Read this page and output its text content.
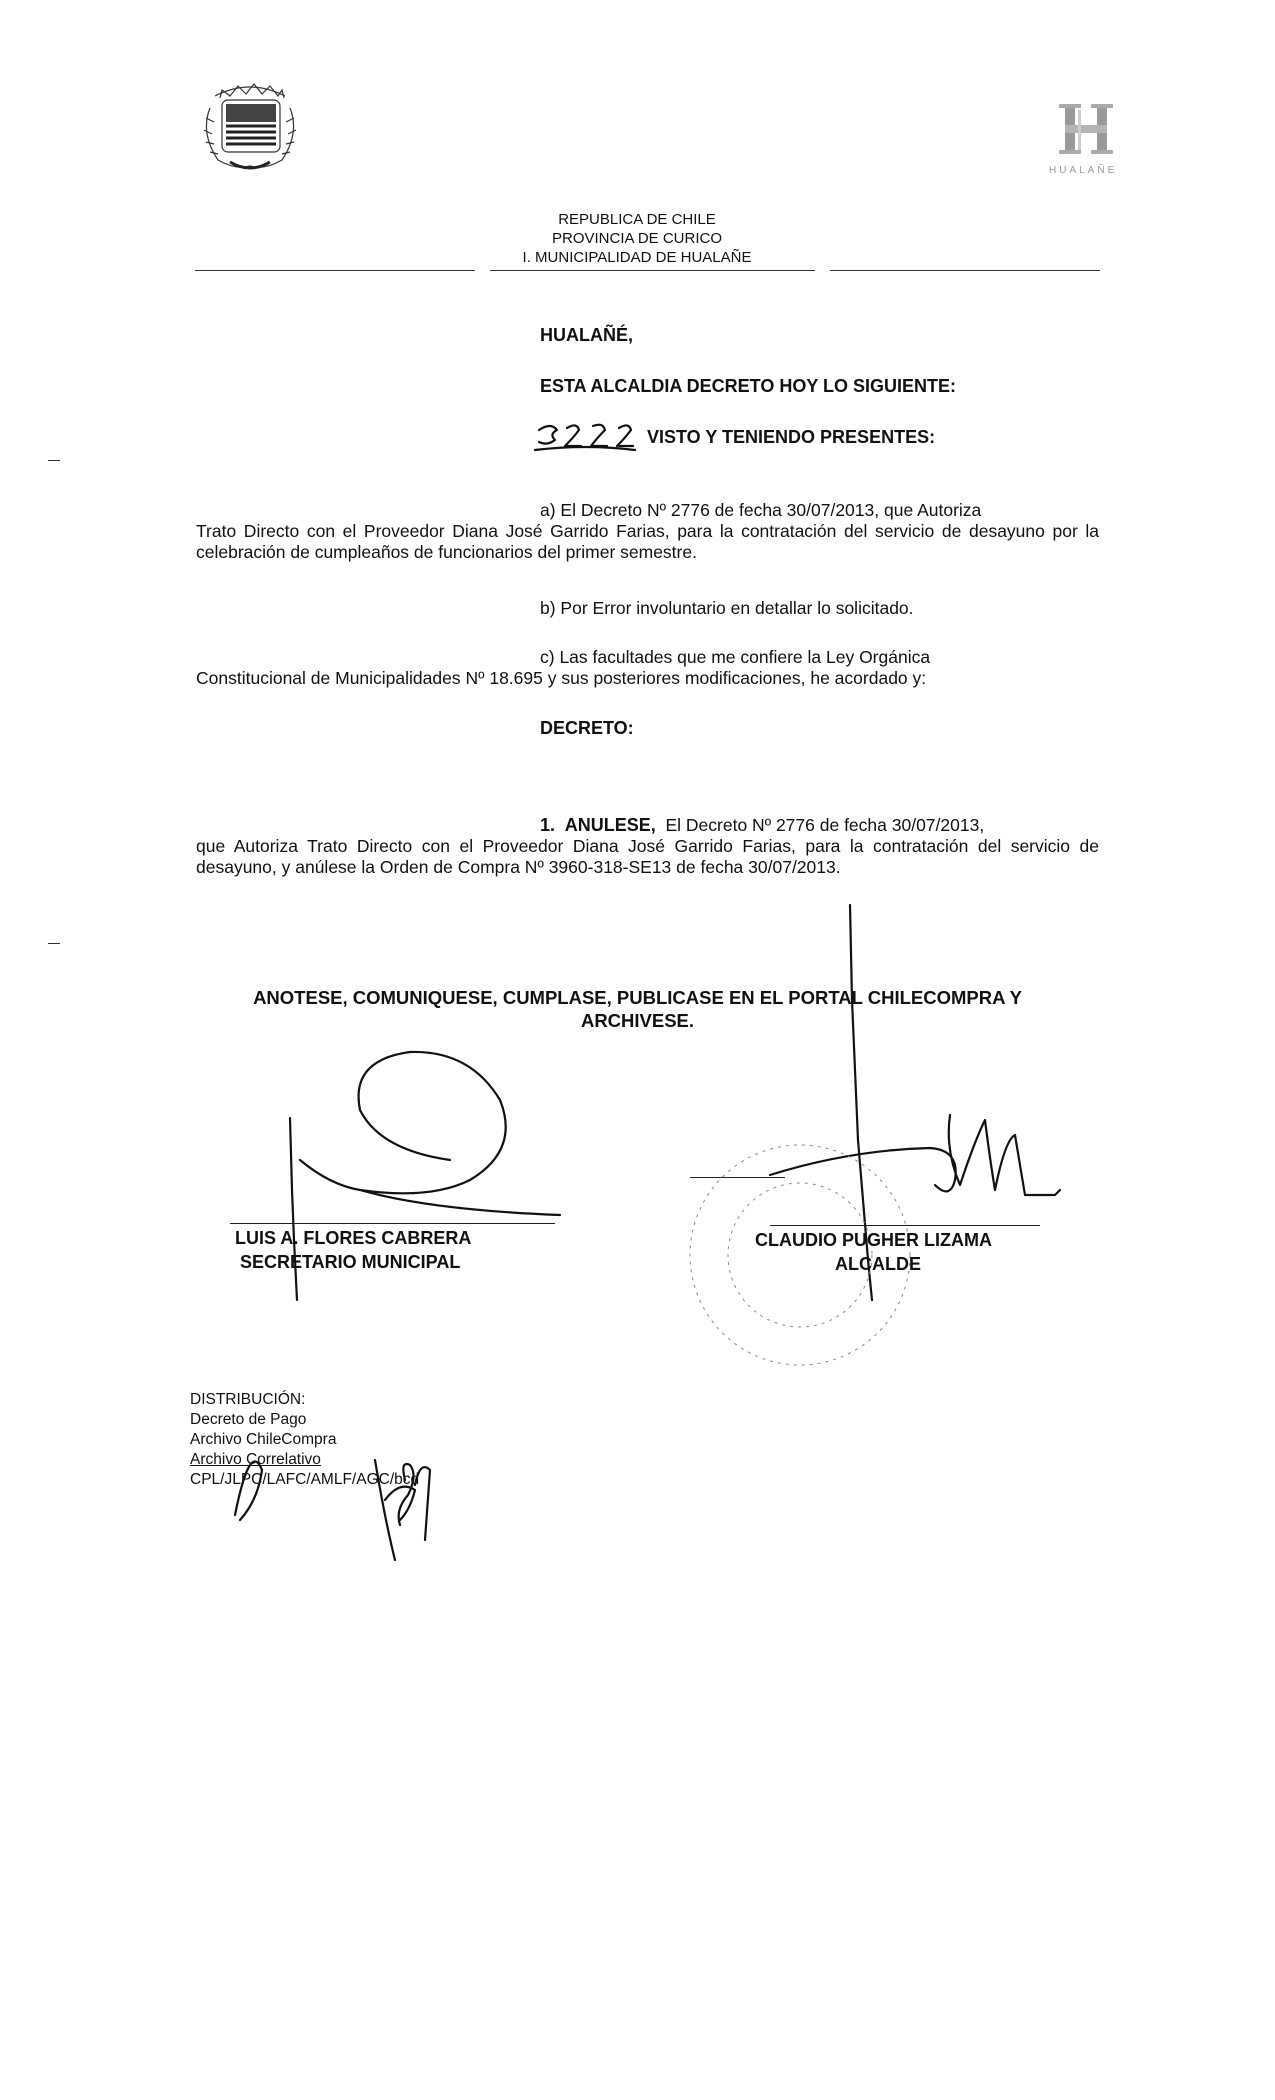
HUALAÑE
REPUBLICA DE CHILE
PROVINCIA DE CURICO
I. MUNICIPALIDAD DE HUALAÑE
HUALAÑÉ,
ESTA ALCALDIA DECRETO HOY LO SIGUIENTE:
VISTO Y TENIENDO PRESENTES:
a) El Decreto Nº 2776 de fecha 30/07/2013, que Autoriza
Trato Directo con el Proveedor Diana José Garrido Farias, para la contratación del servicio de desayuno por la celebración de cumpleaños de funcionarios del primer semestre.
b) Por Error involuntario en detallar lo solicitado.
c) Las facultades que me confiere la Ley Orgánica
Constitucional de Municipalidades Nº 18.695 y sus posteriores modificaciones, he acordado y:
DECRETO:
1. ANULESE, El Decreto Nº 2776 de fecha 30/07/2013,
que Autoriza Trato Directo con el Proveedor Diana José Garrido Farias, para la contratación del servicio de desayuno, y anúlese la Orden de Compra Nº 3960-318-SE13 de fecha 30/07/2013.
ANOTESE, COMUNIQUESE, CUMPLASE, PUBLICASE EN EL PORTAL CHILECOMPRA Y
ARCHIVESE.
LUIS A. FLORES CABRERA
SECRETARIO MUNICIPAL
CLAUDIO PUGHER LIZAMA
ALCALDE
DISTRIBUCIÓN:
Decreto de Pago
Archivo ChileCompra
Archivo Correlativo
CPL/JLPC/LAFC/AMLF/AGC/bcd
